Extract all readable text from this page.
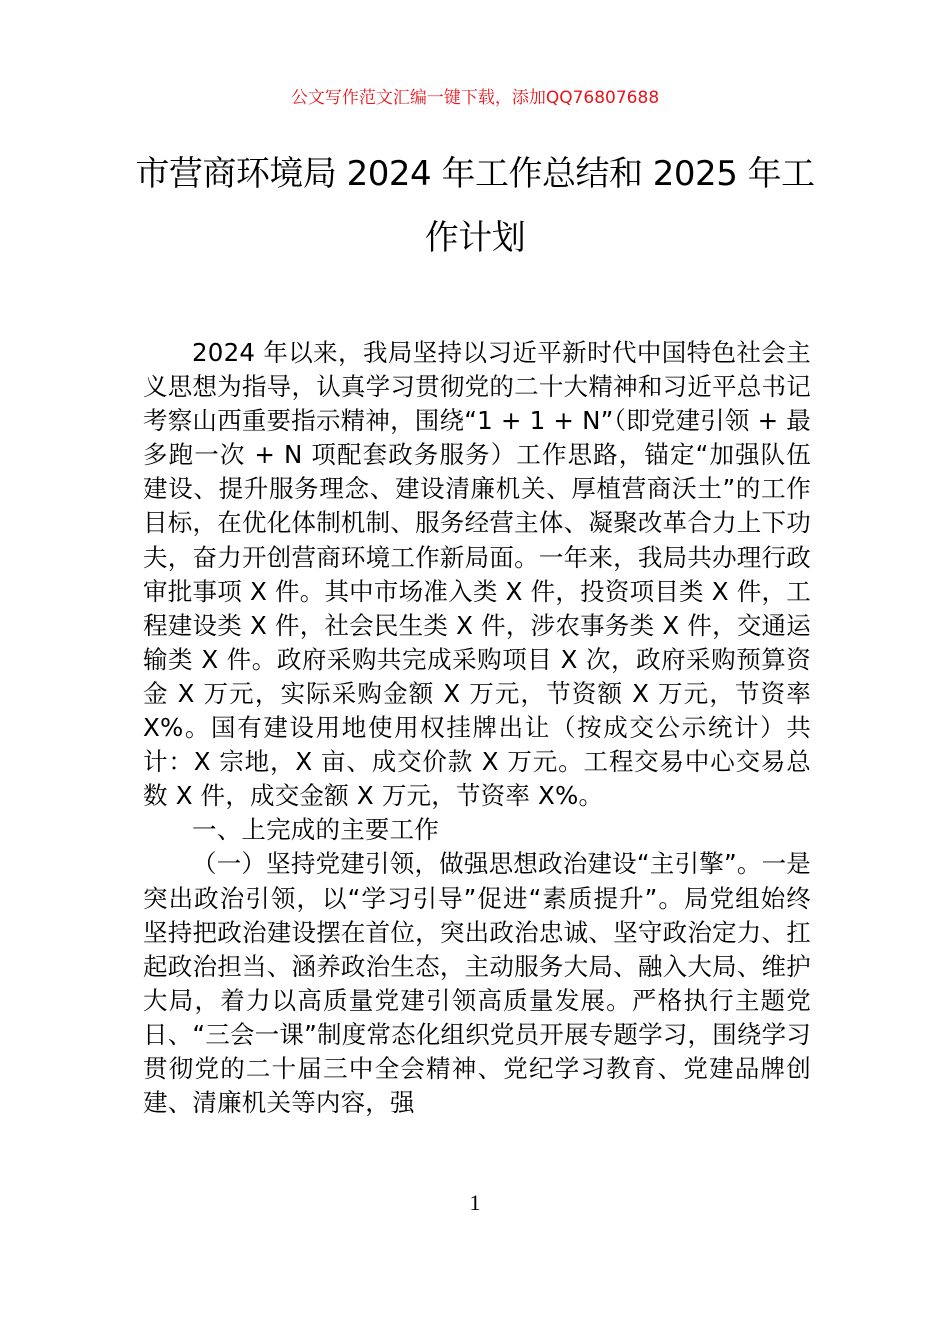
公文写作范文汇编一键下载，添加QQ76807688
市营商环境局 2024 年工作总结和 2025 年工
作计划

2024 年以来，我局坚持以习近平新时代中国特色社会主义思想为指导，认真学习贯彻党的二十大精神和习近平总书记考察山西重要指示精神，围绕“1 + 1 + N”（即党建引领 + 最多跑一次 + N 项配套政务服务）工作思路，锚定“加强队伍建设、提升服务理念、建设清廉机关、厚植营商沃土”的工作目标，在优化体制机制、服务经营主体、凝聚改革合力上下功夫，奋力开创营商环境工作新局面。一年来，我局共办理行政审批事项 X 件。其中市场准入类 X 件，投资项目类 X 件，工程建设类 X 件，社会民生类 X 件，涉农事务类 X 件，交通运输类 X 件。政府采购共完成采购项目 X 次，政府采购预算资金 X 万元，实际采购金额 X 万元，节资额 X 万元，节资率 X%。国有建设用地使用权挂牌出让（按成交公示统计）共计：X 宗地，X 亩、成交价款 X 万元。工程交易中心交易总数 X 件，成交金额 X 万元，节资率 X%。

一、上完成的主要工作

（一）坚持党建引领，做强思想政治建设“主引擎”。一是突出政治引领，以“学习引导”促进“素质提升”。局党组始终坚持把政治建设摆在首位，突出政治忠诚、坚守政治定力、扛起政治担当、涵养政治生态，主动服务大局、融入大局、维护大局，着力以高质量党建引领高质量发展。严格执行主题党日、“三会一课”制度常态化组织党员开展专题学习，围绕学习贯彻党的二十届三中全会精神、党纪学习教育、党建品牌创建、清廉机关等内容，强

1
